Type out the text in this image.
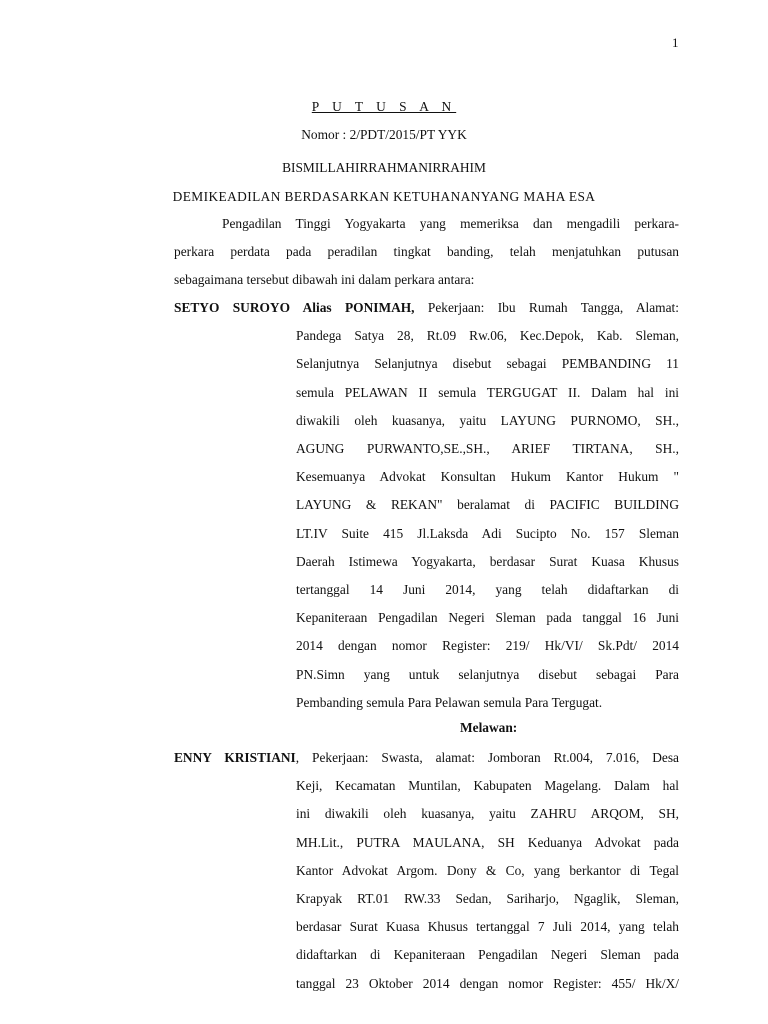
1
P U T U S A N
Nomor : 2/PDT/2015/PT YYK
BISMILLAHIRRAHMANIRRAHIM
DEMIKEADILAN BERDASARKAN KETUHANANYANG MAHA ESA

Pengadilan Tinggi Yogyakarta yang memeriksa dan mengadili perkara-
perkara perdata pada peradilan tingkat banding, telah menjatuhkan putusan
sebagaimana tersebut dibawah ini dalam perkara antara:

SETYO SUROYO Alias PONIMAH, Pekerjaan: Ibu Rumah Tangga, Alamat:
Pandega Satya 28, Rt.09 Rw.06, Kec.Depok, Kab. Sleman,
Selanjutnya Selanjutnya disebut sebagai PEMBANDING 11
semula PELAWAN II semula TERGUGAT II. Dalam hal ini
diwakili oleh kuasanya, yaitu LAYUNG PURNOMO, SH.,
AGUNG PURWANTO,SE.,SH., ARIEF TIRTANA, SH.,
Kesemuanya Advokat Konsultan Hukum Kantor Hukum "
LAYUNG & REKAN" beralamat di PACIFIC BUILDING
LT.IV Suite 415 Jl.Laksda Adi Sucipto No. 157 Sleman
Daerah Istimewa Yogyakarta, berdasar Surat Kuasa Khusus
tertanggal 14 Juni 2014, yang telah didaftarkan di
Kepaniteraan Pengadilan Negeri Sleman pada tanggal 16 Juni
2014 dengan nomor Register: 219/ Hk/VI/ Sk.Pdt/ 2014
PN.Simn yang untuk selanjutnya disebut sebagai Para
Pembanding semula Para Pelawan semula Para Tergugat.
Melawan:
ENNY KRISTIANI, Pekerjaan: Swasta, alamat: Jomboran Rt.004, 7.016, Desa
Keji, Kecamatan Muntilan, Kabupaten Magelang. Dalam hal
ini diwakili oleh kuasanya, yaitu ZAHRU ARQOM, SH,
MH.Lit., PUTRA MAULANA, SH Keduanya Advokat pada
Kantor Advokat Argom. Dony & Co, yang berkantor di Tegal
Krapyak RT.01 RW.33 Sedan, Sariharjo, Ngaglik, Sleman,
berdasar Surat Kuasa Khusus tertanggal 7 Juli 2014, yang telah
didaftarkan di Kepaniteraan Pengadilan Negeri Sleman pada
tanggal 23 Oktober 2014 dengan nomor Register: 455/ Hk/X/
